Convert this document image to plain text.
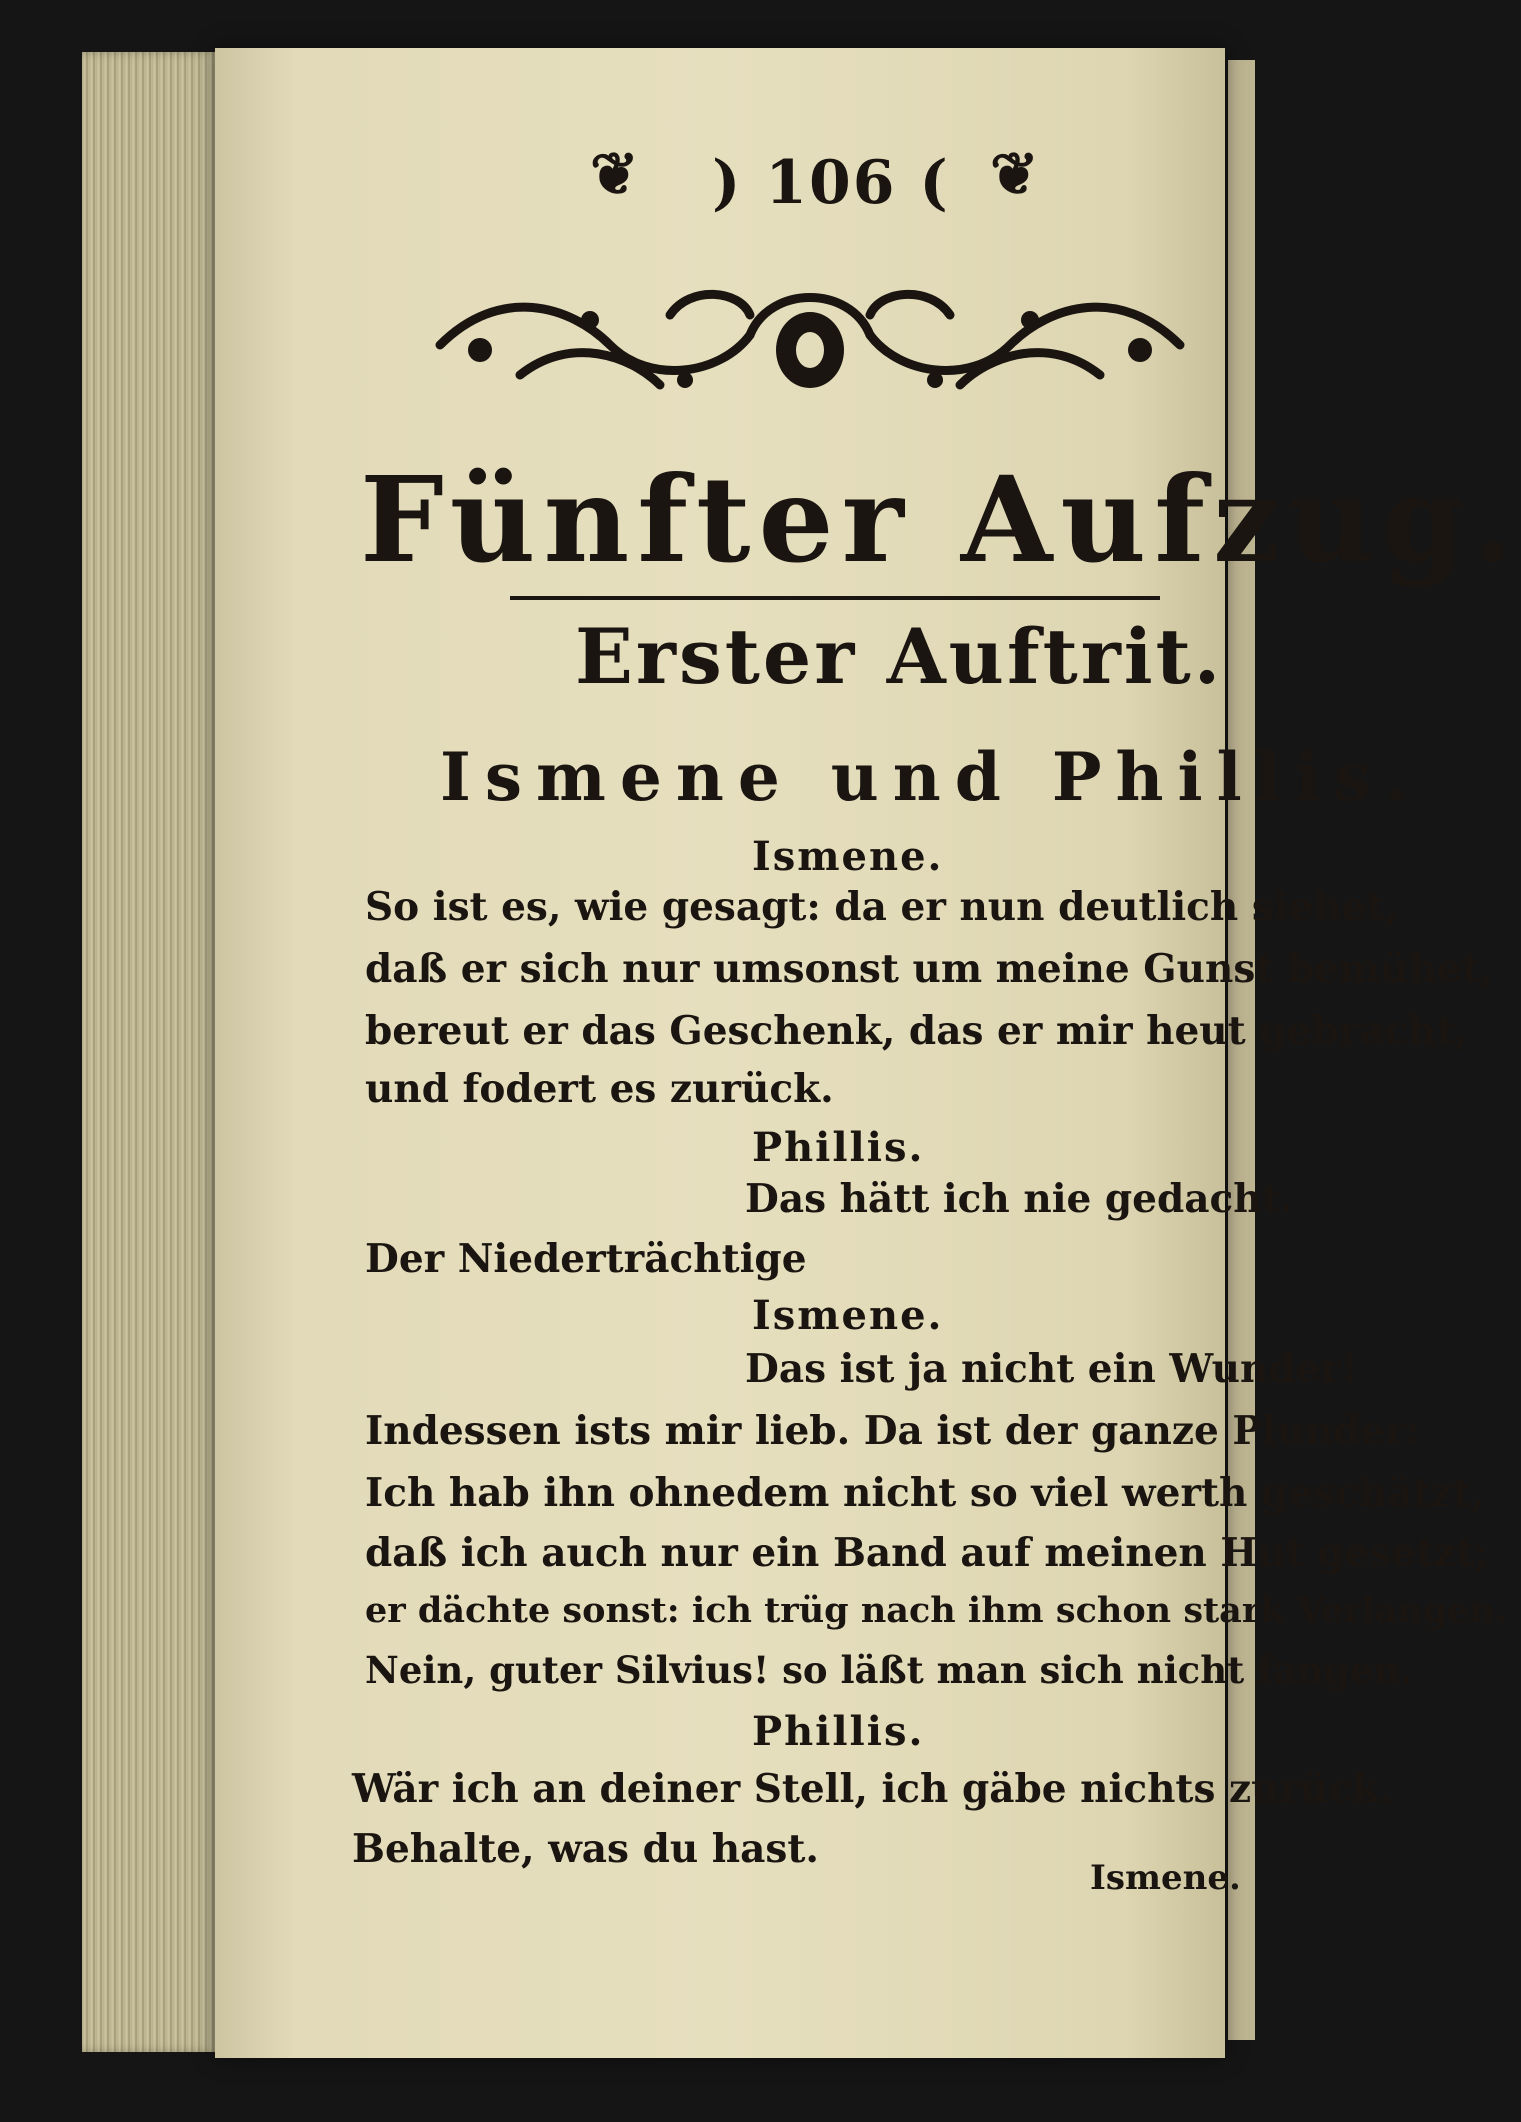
❦ ) 106 ( ❦
Fünfter Aufzug.
Erster Auftrit.
Ismene und Phillis.
Ismene.
So ist es, wie gesagt: da er nun deutlich siehet,
daß er sich nur umsonst um meine Gunst bemühet,
bereut er das Geschenk, das er mir heut gebracht,
und fodert es zurück.
Phillis.
Das hätt ich nie gedacht.
Der Niederträchtige
Ismene.
Das ist ja nicht ein Wunder!
Indessen ists mir lieb. Da ist der ganze Plunder:
Ich hab ihn ohnedem nicht so viel werth geschätzt,
daß ich auch nur ein Band auf meinen Hut gesetzt;
er dächte sonst: ich trüg nach ihm schon stark Verlangen.
Nein, guter Silvius! so läßt man sich nicht fangen.
Phillis.
Wär ich an deiner Stell, ich gäbe nichts zurück.
Behalte, was du hast.
Ismene.
